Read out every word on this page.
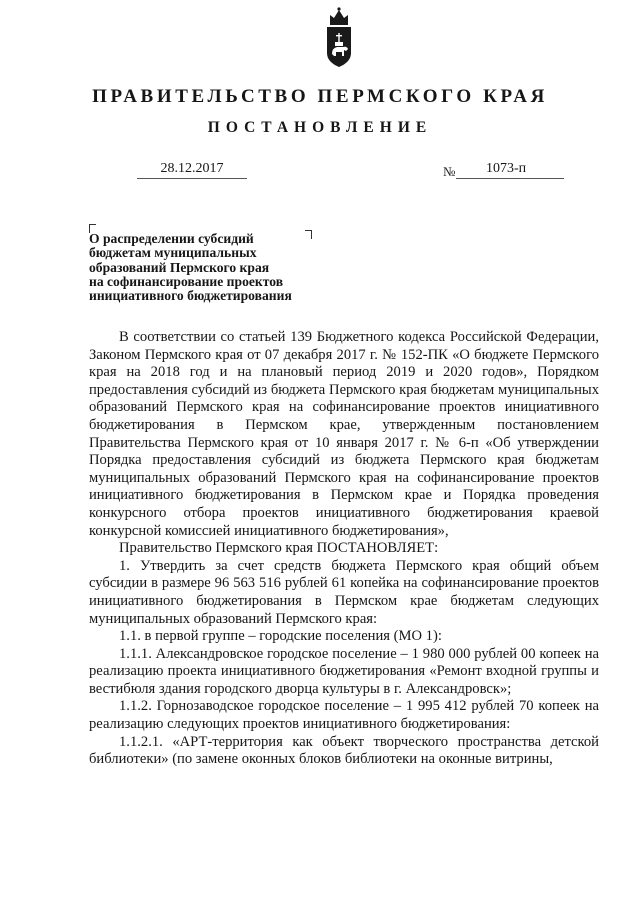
ПРАВИТЕЛЬСТВО ПЕРМСКОГО КРАЯ
ПОСТАНОВЛЕНИЕ
28.12.2017	№	1073-п
О распределении субсидий
бюджетам муниципальных
образований Пермского края
на софинансирование проектов
инициативного бюджетирования

В соответствии со статьей 139 Бюджетного кодекса Российской Федерации, Законом Пермского края от 07 декабря 2017 г. № 152-ПК «О бюджете Пермского края на 2018 год и на плановый период 2019 и 2020 годов», Порядком предоставления субсидий из бюджета Пермского края бюджетам муниципальных образований Пермского края на софинансирование проектов инициативного бюджетирования в Пермском крае, утвержденным постановлением Правительства Пермского края от 10 января 2017 г. № 6-п «Об утверждении Порядка предоставления субсидий из бюджета Пермского края бюджетам муниципальных образований Пермского края на софинансирование проектов инициативного бюджетирования в Пермском крае и Порядка проведения конкурсного отбора проектов инициативного бюджетирования краевой конкурсной комиссией инициативного бюджетирования»,

Правительство Пермского края ПОСТАНОВЛЯЕТ:

1. Утвердить за счет средств бюджета Пермского края общий объем субсидии в размере 96 563 516 рублей 61 копейка на софинансирование проектов инициативного бюджетирования в Пермском крае бюджетам следующих муниципальных образований Пермского края:

1.1. в первой группе – городские поселения (МО 1):

1.1.1. Александровское городское поселение – 1 980 000 рублей 00 копеек на реализацию проекта инициативного бюджетирования «Ремонт входной группы и вестибюля здания городского дворца культуры в г. Александровск»;

1.1.2. Горнозаводское городское поселение – 1 995 412 рублей 70 копеек на реализацию следующих проектов инициативного бюджетирования:

1.1.2.1. «АРТ-территория как объект творческого пространства детской библиотеки» (по замене оконных блоков библиотеки на оконные витрины,
